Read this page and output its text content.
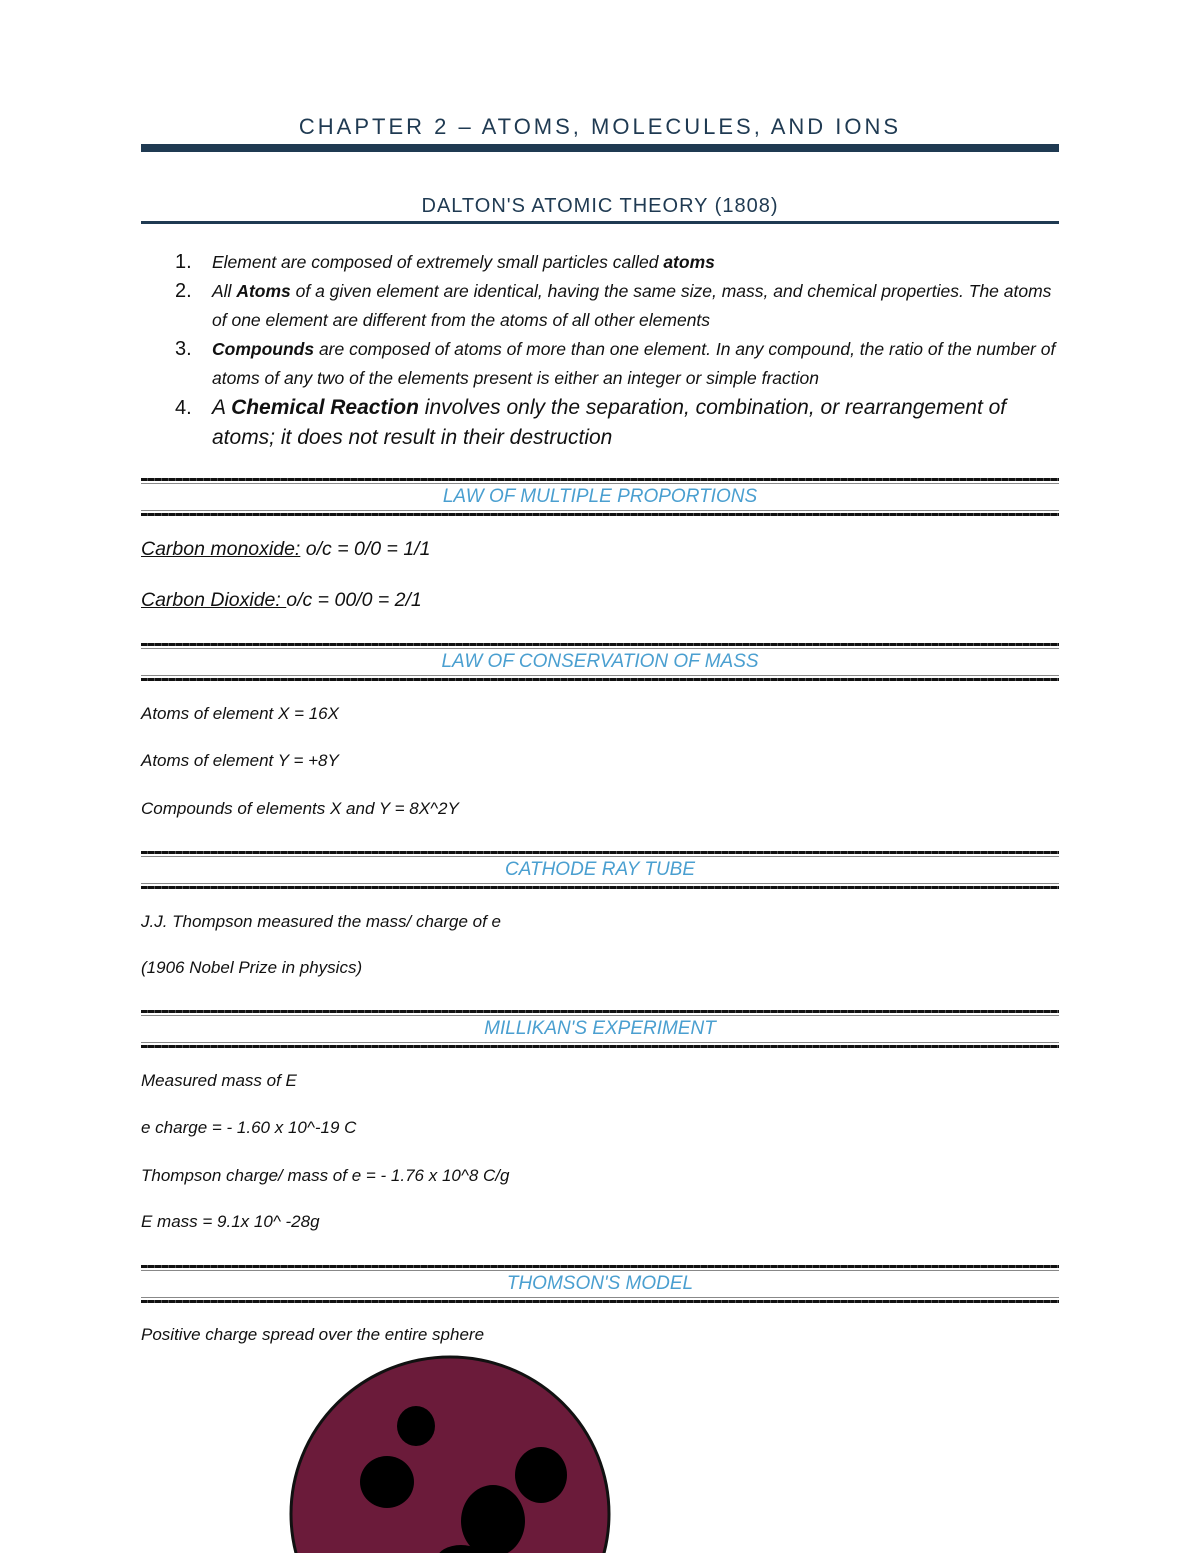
CHAPTER 2 – ATOMS, MOLECULES, AND IONS
DALTON'S ATOMIC THEORY (1808)
1. Element are composed of extremely small particles called atoms
2. All Atoms of a given element are identical, having the same size, mass, and chemical properties. The atoms of one element are different from the atoms of all other elements
3. Compounds are composed of atoms of more than one element. In any compound, the ratio of the number of atoms of any two of the elements present is either an integer or simple fraction
4. A Chemical Reaction involves only the separation, combination, or rearrangement of atoms; it does not result in their destruction
LAW OF MULTIPLE PROPORTIONS
Carbon monoxide: o/c = 0/0 = 1/1
Carbon Dioxide: o/c = 00/0 = 2/1
LAW OF CONSERVATION OF MASS
Atoms of element X = 16X
Atoms of element Y = +8Y
Compounds of elements X and Y = 8X^2Y
CATHODE RAY TUBE
J.J. Thompson measured the mass/ charge of e
(1906 Nobel Prize in physics)
MILLIKAN'S EXPERIMENT
Measured mass of E
e charge = - 1.60 x 10^-19 C
Thompson charge/ mass of e = - 1.76 x 10^8 C/g
E mass = 9.1x 10^ -28g
THOMSON'S MODEL
Positive charge spread over the entire sphere
